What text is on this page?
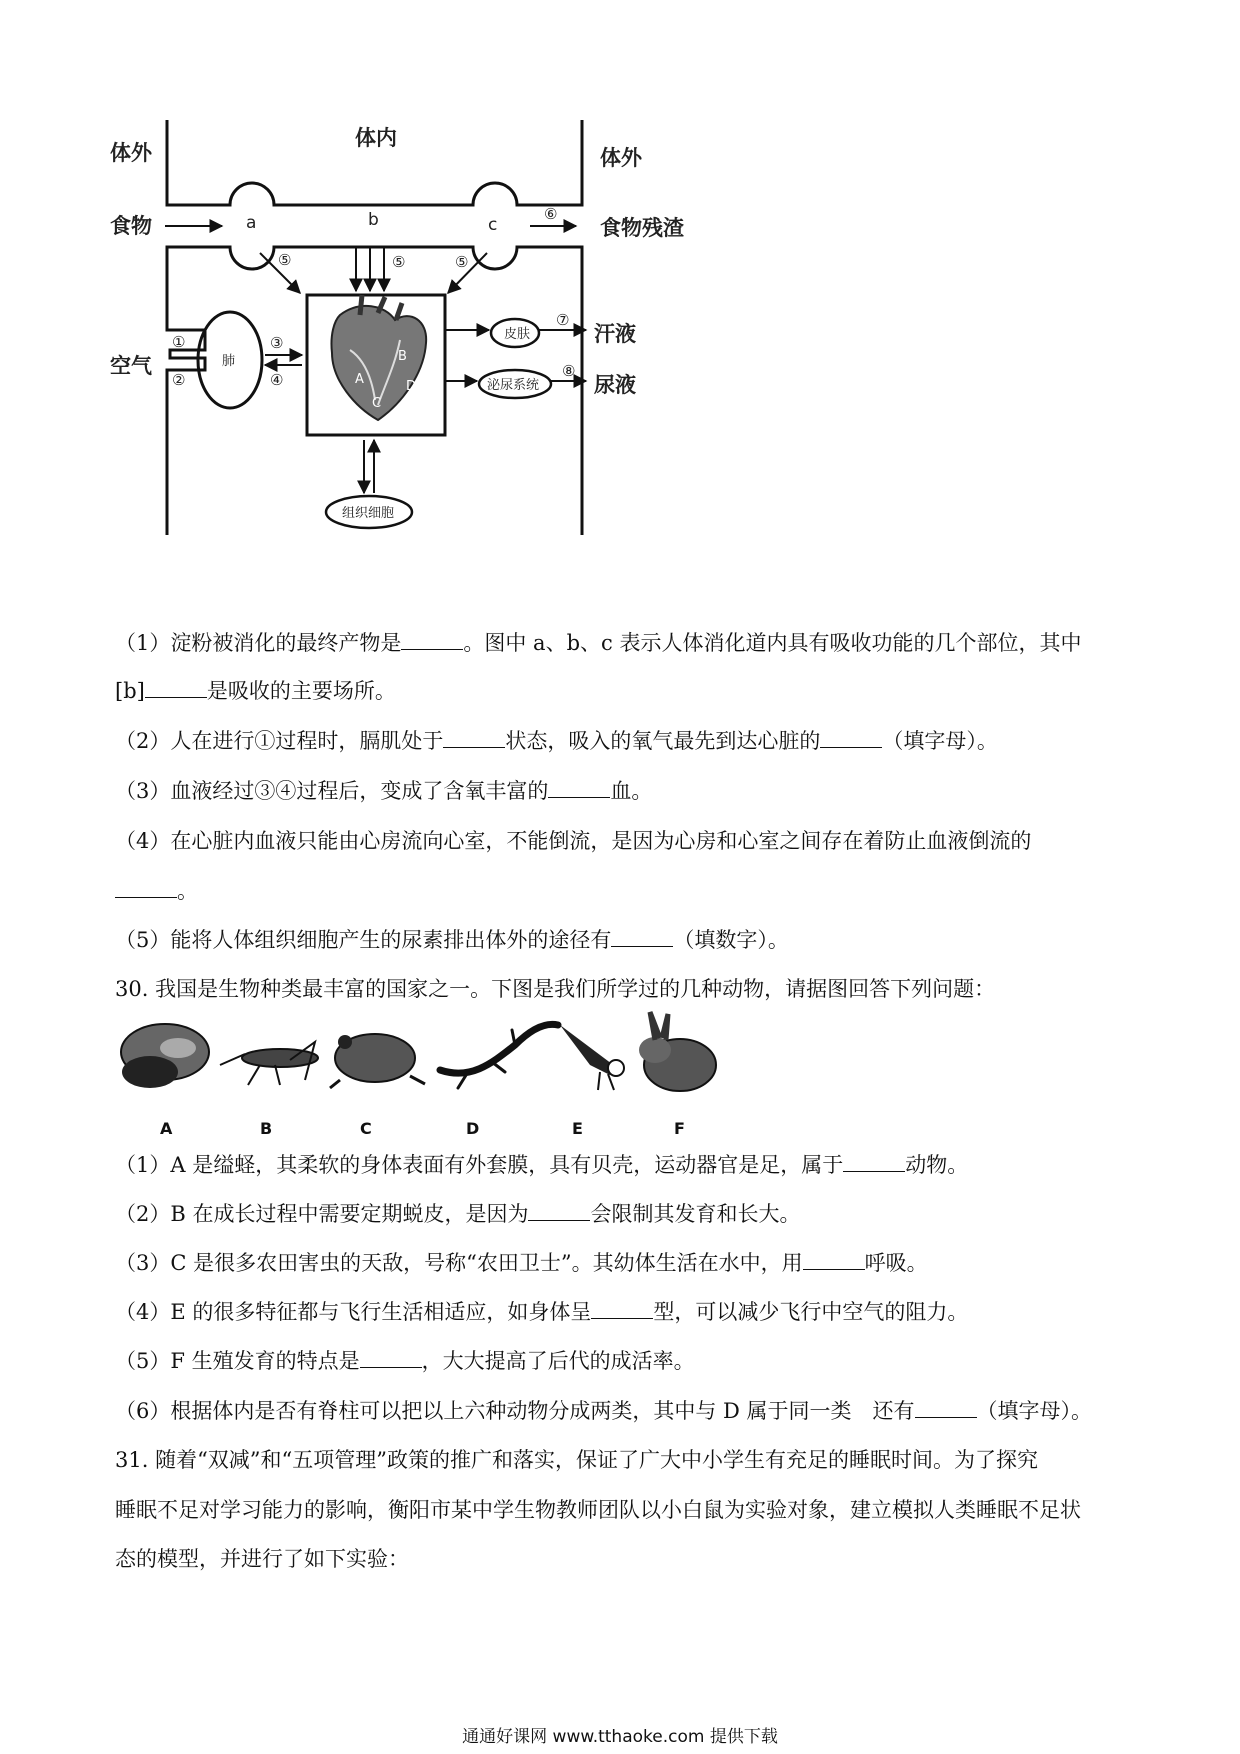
A
B
C
D
体外
体内
体外
食物	食物残渣
空气
汗液
尿液
a	b	c
肺
皮肤
泌尿系统
组织细胞
①
②
③
④
⑤	⑤	⑤
⑥
⑦
⑧
（1）淀粉被消化的最终产物是	。图中 a、b、c 表示人体消化道内具有吸收功能的几个部位，其中
[b]	是吸收的主要场所。
（2）人在进行①过程时，膈肌处于	状态，吸入的氧气最先到达心脏的	（填字母）。
（3）血液经过③④过程后，变成了含氧丰富的	血。
（4）在心脏内血液只能由心房流向心室，不能倒流，是因为心房和心室之间存在着防止血液倒流的
。
（5）能将人体组织细胞产生的尿素排出体外的途径有	（填数字）。
30. 我国是生物种类最丰富的国家之一。下图是我们所学过的几种动物，请据图回答下列问题：
A	B	C	D	E	F
（1）A 是缢蛏，其柔软的身体表面有外套膜，具有贝壳，运动器官是足，属于	动物。
（2）B 在成长过程中需要定期蜕皮，是因为	会限制其发育和长大。
（3）C 是很多农田害虫的天敌，号称“农田卫士”。其幼体生活在水中，用	呼吸。
（4）E 的很多特征都与飞行生活相适应，如身体呈	型，可以减少飞行中空气的阻力。
（5）F 生殖发育的特点是	，大大提高了后代的成活率。
（6）根据体内是否有脊柱可以把以上六种动物分成两类，其中与 D 属于同一类　还有	（填字母）。
31. 随着“双减”和“五项管理”政策的推广和落实，保证了广大中小学生有充足的睡眠时间。为了探究
睡眠不足对学习能力的影响，衡阳市某中学生物教师团队以小白鼠为实验对象，建立模拟人类睡眠不足状
态的模型，并进行了如下实验：
通通好课网 www.tthaoke.com 提供下载
